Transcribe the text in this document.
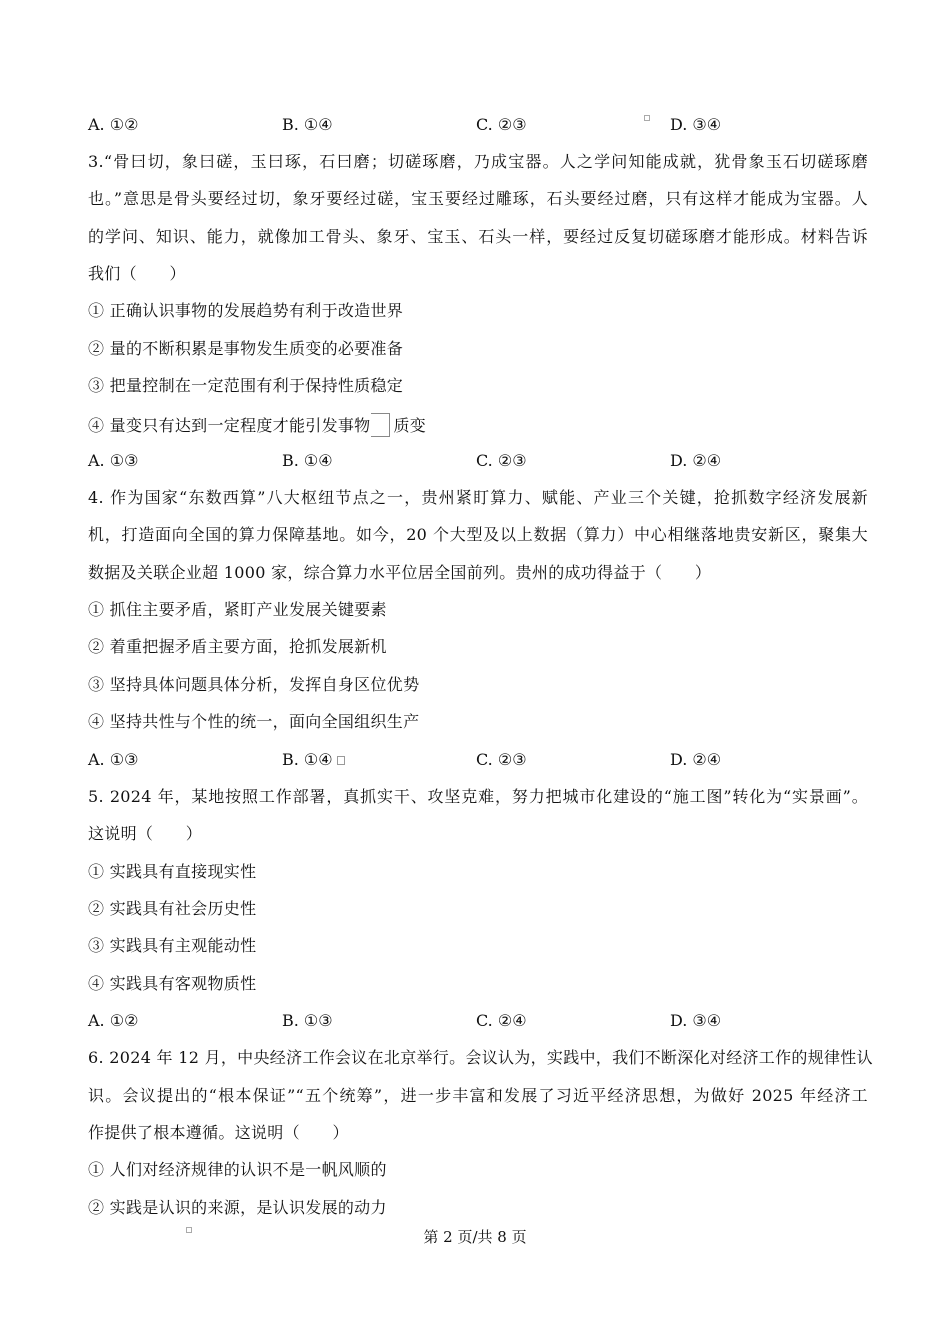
A. ①②	B. ①④	C. ②③	D. ③④
3.“骨曰切，象曰磋，玉曰琢，石曰磨；切磋琢磨，乃成宝器。人之学问知能成就，犹骨象玉石切磋琢磨
也。”意思是骨头要经过切，象牙要经过磋，宝玉要经过雕琢，石头要经过磨，只有这样才能成为宝器。人
的学问、知识、能力，就像加工骨头、象牙、宝玉、石头一样，要经过反复切磋琢磨才能形成。材料告诉
我们（　　）
① 正确认识事物的发展趋势有利于改造世界
② 量的不断积累是事物发生质变的必要准备
③ 把量控制在一定范围有利于保持性质稳定
④ 量变只有达到一定程度才能引发事物 质变
A. ①③	B. ①④	C. ②③	D. ②④
4. 作为国家“东数西算”八大枢纽节点之一，贵州紧盯算力、赋能、产业三个关键，抢抓数字经济发展新
机，打造面向全国的算力保障基地。如今，20 个大型及以上数据（算力）中心相继落地贵安新区，聚集大
数据及关联企业超 1000 家，综合算力水平位居全国前列。贵州的成功得益于（　　）
① 抓住主要矛盾，紧盯产业发展关键要素
② 着重把握矛盾主要方面，抢抓发展新机
③ 坚持具体问题具体分析，发挥自身区位优势
④ 坚持共性与个性的统一，面向全国组织生产
A. ①③	B. ①④	C. ②③	D. ②④
5. 2024 年，某地按照工作部署，真抓实干、攻坚克难，努力把城市化建设的“施工图”转化为“实景画”。
这说明（　　）
① 实践具有直接现实性
② 实践具有社会历史性
③ 实践具有主观能动性
④ 实践具有客观物质性
A. ①②	B. ①③	C. ②④	D. ③④
6. 2024 年 12 月，中央经济工作会议在北京举行。会议认为，实践中，我们不断深化对经济工作的规律性认
识。会议提出的“根本保证”“五个统筹”，进一步丰富和发展了习近平经济思想，为做好 2025 年经济工
作提供了根本遵循。这说明（　　）
① 人们对经济规律的认识不是一帆风顺的
② 实践是认识的来源，是认识发展的动力
第 2 页/共 8 页
